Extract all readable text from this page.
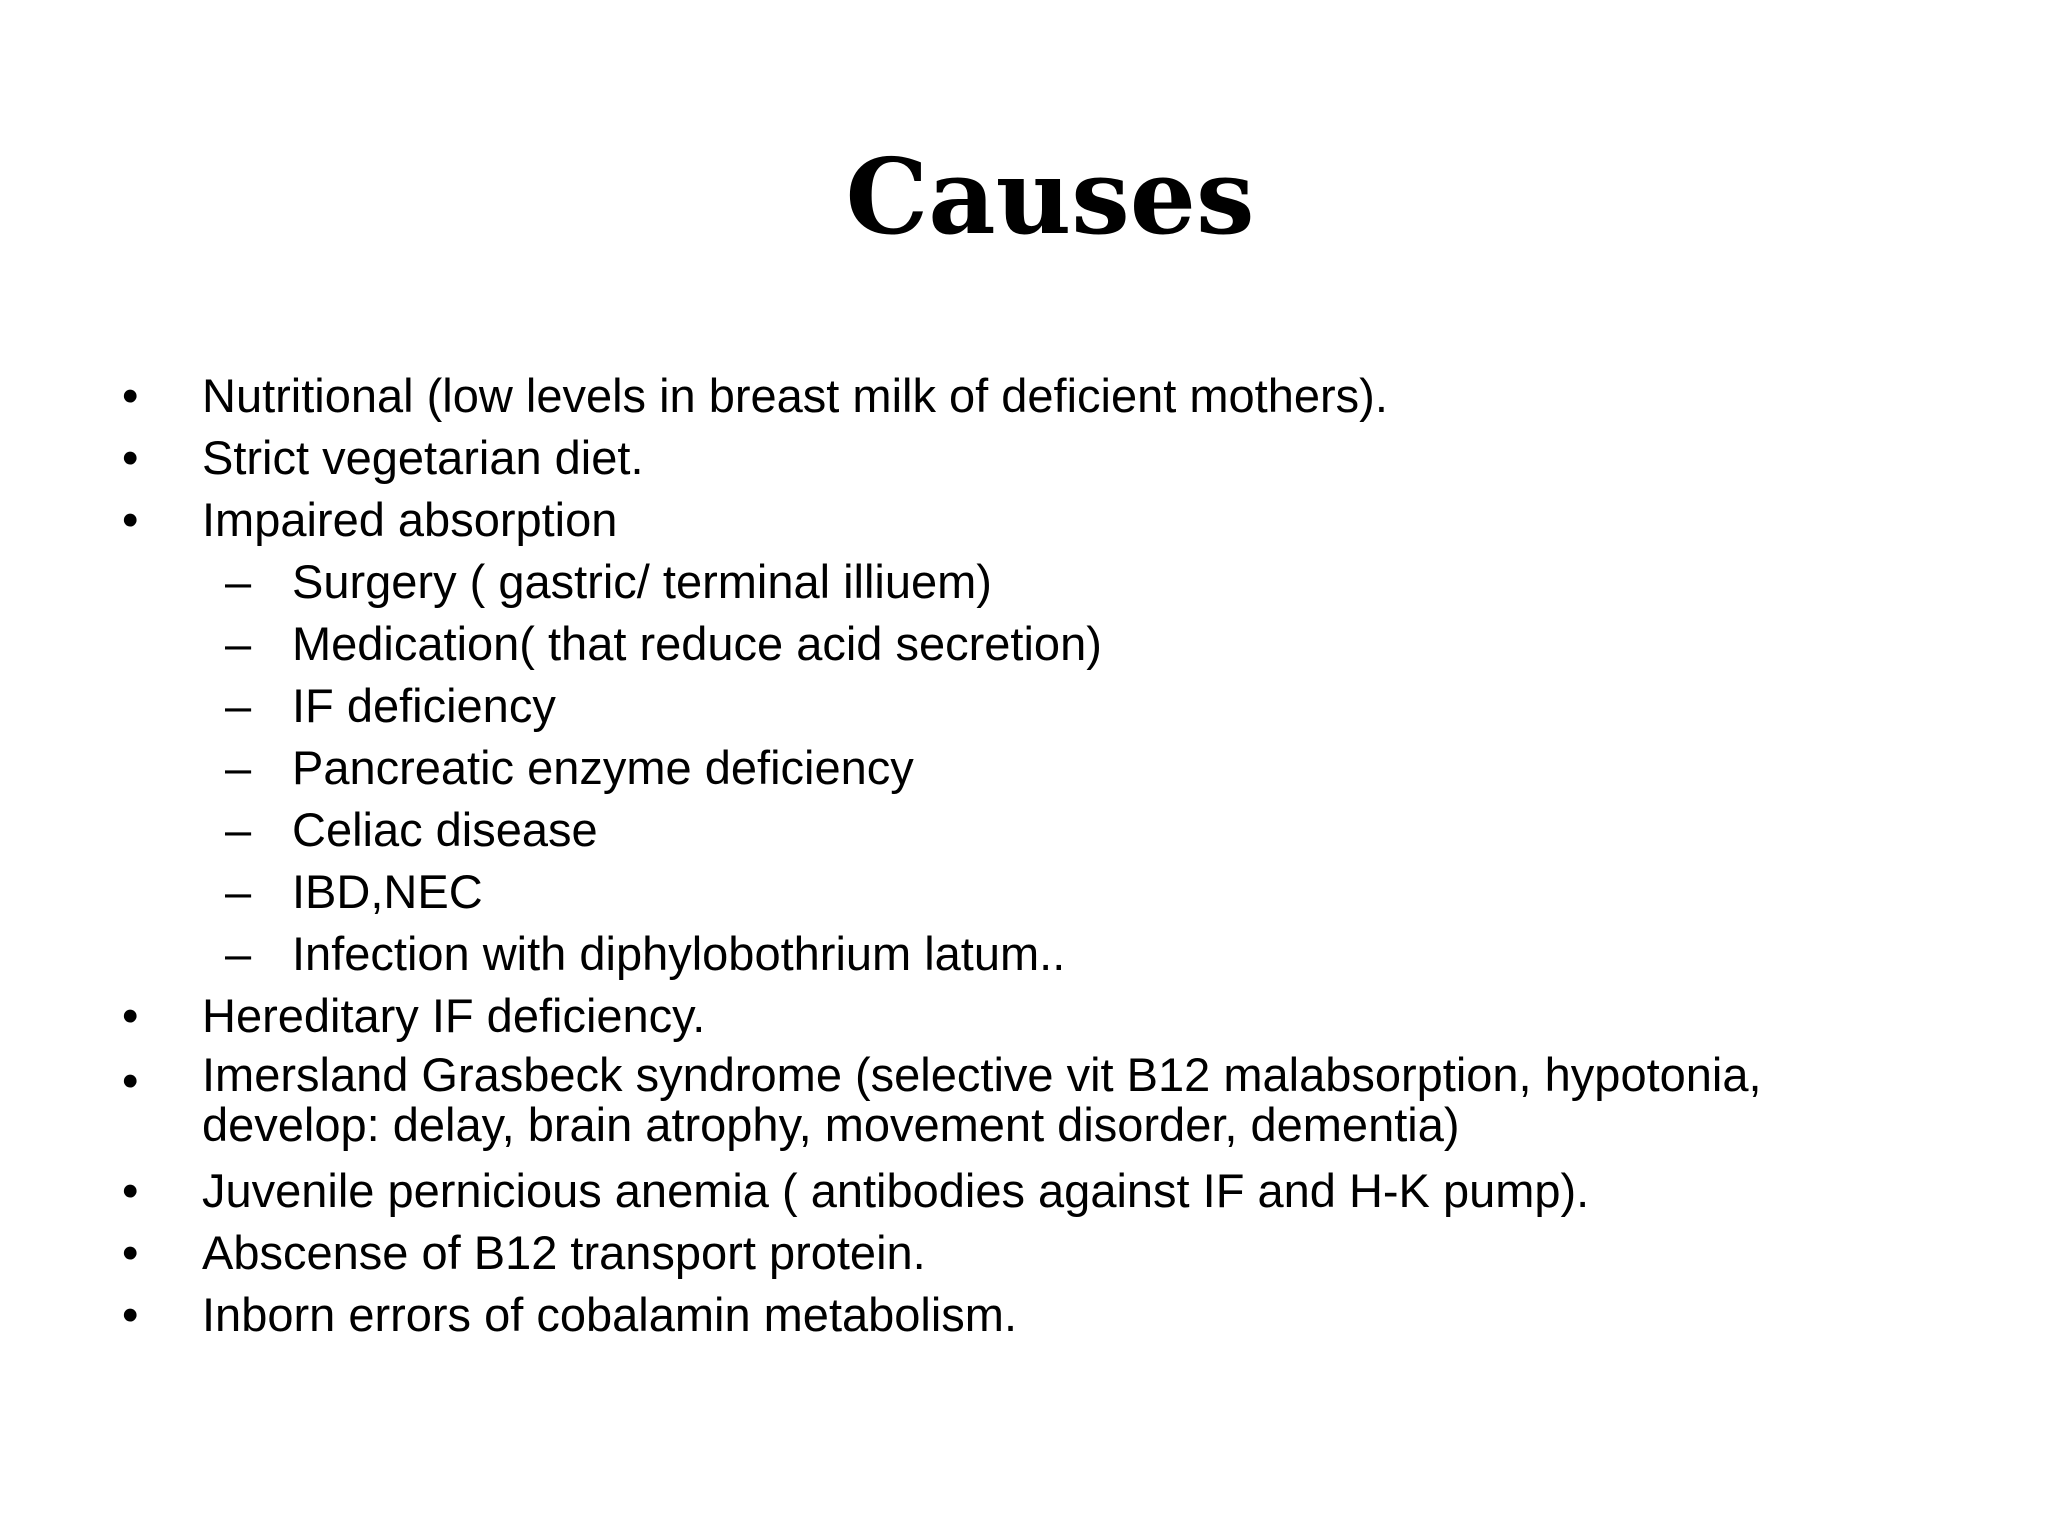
Causes
• Nutritional (low levels in breast milk of deficient mothers).
• Strict vegetarian diet.
• Impaired absorption
– Surgery ( gastric/ terminal illiuem)
– Medication( that reduce acid secretion)
– IF deficiency
– Pancreatic enzyme deficiency
– Celiac disease
– IBD,NEC
– Infection with diphylobothrium latum..
• Hereditary IF deficiency.
• Imersland Grasbeck syndrome (selective vit B12 malabsorption, hypotonia, develop: delay, brain atrophy, movement disorder, dementia)
• Juvenile pernicious anemia ( antibodies against IF and H-K pump).
• Abscense of B12 transport protein.
• Inborn errors of cobalamin metabolism.
